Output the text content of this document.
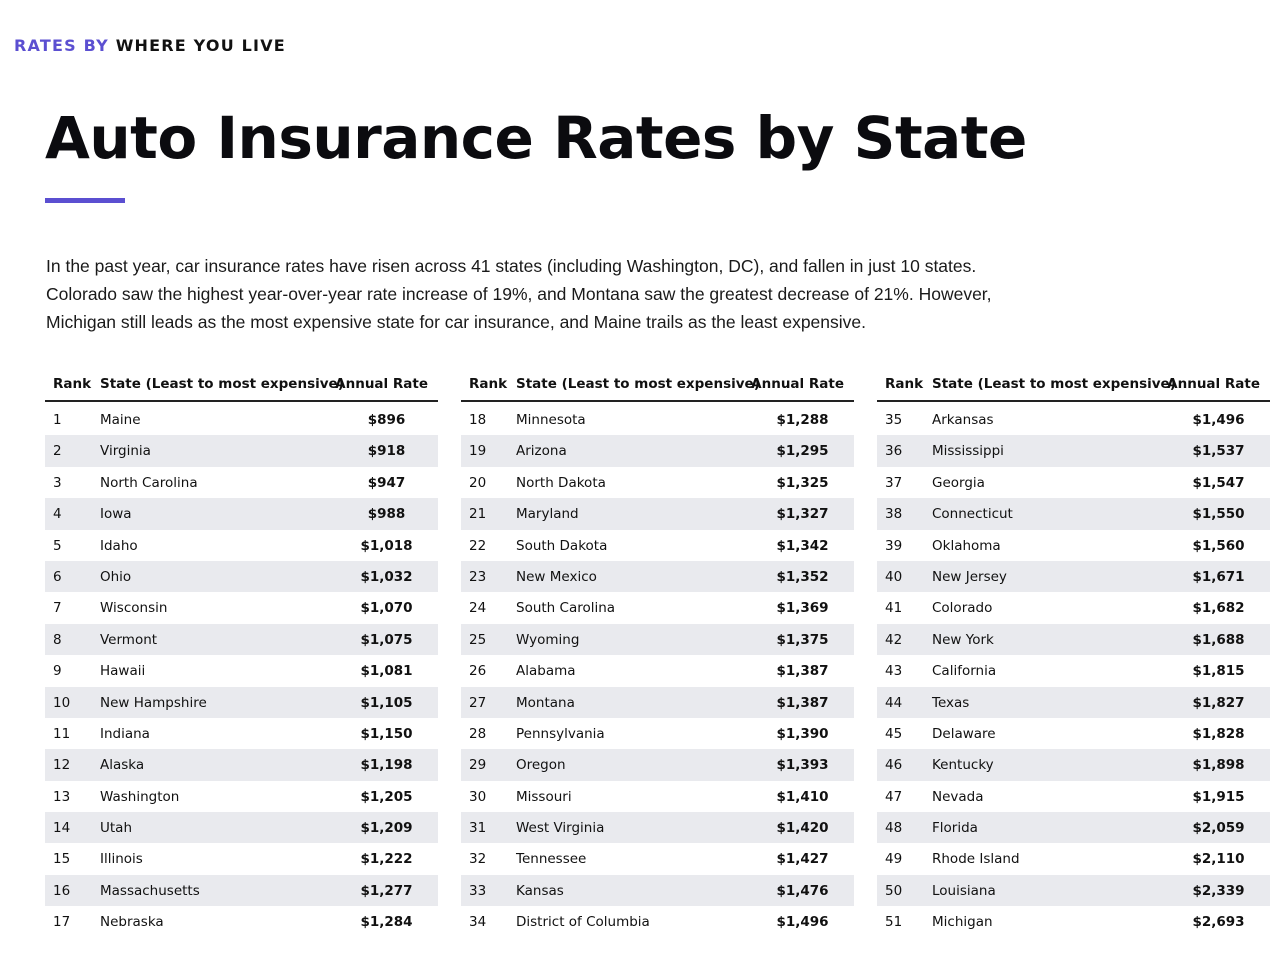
RATES BY WHERE YOU LIVE
Auto Insurance Rates by State

In the past year, car insurance rates have risen across 41 states (including Washington, DC), and fallen in just 10 states. Colorado saw the highest year-over-year rate increase of 19%, and Montana saw the greatest decrease of 21%. However, Michigan still leads as the most expensive state for car insurance, and Maine trails as the least expensive.

Rank State (Least to most expensive)
Annual Rate
1	Maine	$896
2	Virginia	$918
3	North Carolina	$947
4	Iowa	$988
5	Idaho	$1,018
6	Ohio	$1,032
7	Wisconsin	$1,070
8	Vermont	$1,075
9	Hawaii	$1,081
10 New Hampshire	$1,105
11 Indiana	$1,150
12 Alaska	$1,198
13 Washington	$1,205
14 Utah	$1,209
15 Illinois	$1,222
16 Massachusetts	$1,277
17 Nebraska	$1,284
Rank State (Least to most expensive)
Annual Rate
18 Minnesota	$1,288
19 Arizona	$1,295
20 North Dakota	$1,325
21 Maryland	$1,327
22 South Dakota	$1,342
23 New Mexico	$1,352
24 South Carolina	$1,369
25 Wyoming	$1,375
26 Alabama	$1,387
27 Montana	$1,387
28 Pennsylvania	$1,390
29 Oregon	$1,393
30 Missouri	$1,410
31 West Virginia	$1,420
32 Tennessee	$1,427
33 Kansas	$1,476
34 District of Columbia	$1,496
Rank State (Least to most expensive)
Annual Rate
35 Arkansas	$1,496
36 Mississippi	$1,537
37 Georgia	$1,547
38 Connecticut	$1,550
39 Oklahoma	$1,560
40 New Jersey	$1,671
41 Colorado	$1,682
42 New York	$1,688
43 California	$1,815
44 Texas	$1,827
45 Delaware	$1,828
46 Kentucky	$1,898
47 Nevada	$1,915
48 Florida	$2,059
49 Rhode Island	$2,110
50 Louisiana	$2,339
51 Michigan	$2,693
